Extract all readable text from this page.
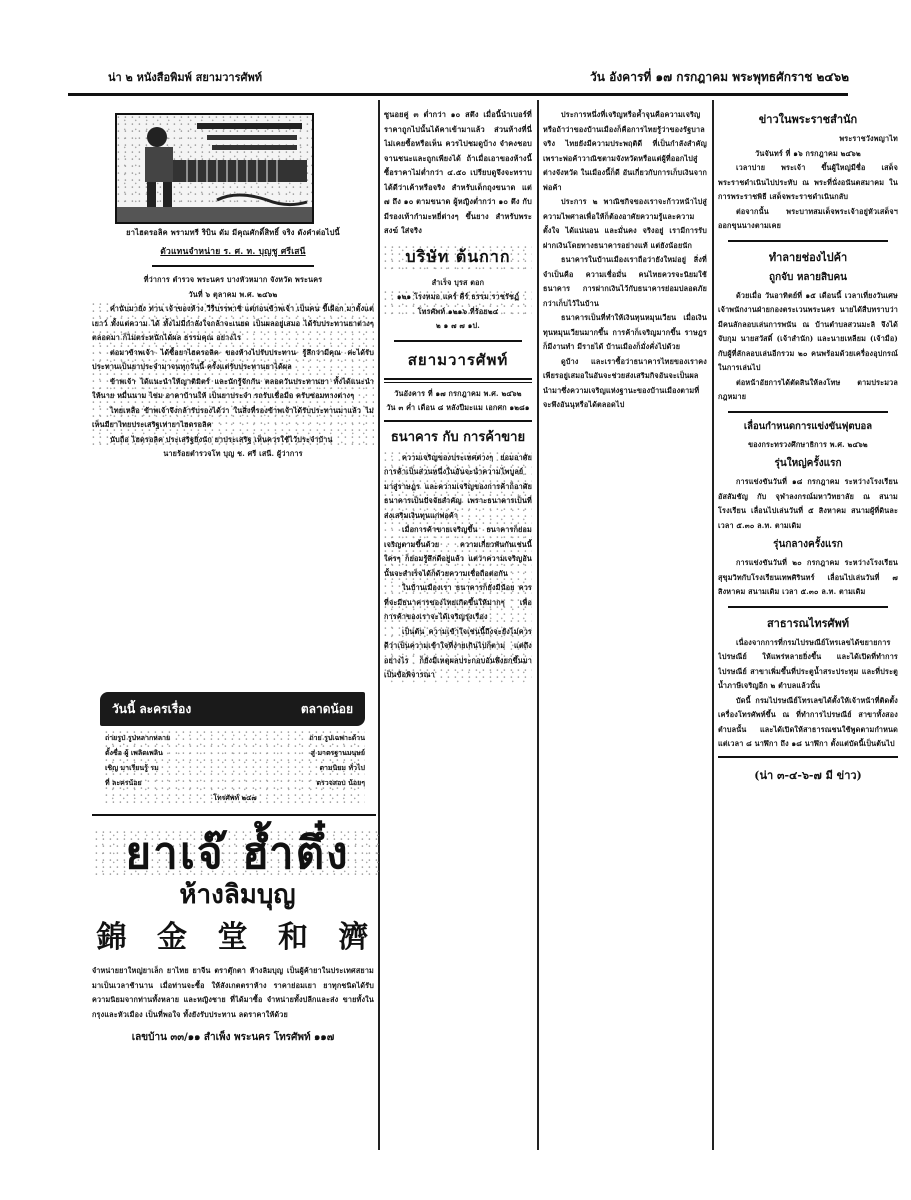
น่า ๒ หนังสือพิมพ์ สยามวารศัพท์	วัน อังคารที่ ๑๗ กรกฎาคม พระพุทธศักราช ๒๔๖๒
ยาไฮดรอลิค พรามทรี ริบิน ดัม มีคุณศักดิ์สิทธิ์ จริง ดังคำต่อไปนี้
ตัวแทนจำหน่าย ร. ศ. ท. บุญชู ศรีเสนี
ที่ว่าการ ตำรวจ พระนคร บางหัวหมาก จังหวัด พระนคร
วันที่ ๖ ตุลาคม พ.ศ. ๒๔๖๒

คำนับมายัง ท่าน เจ้าของห้าง วีรีบรรพาชิ แต่ก่อนข้าพเจ้า เป็นคน ขี้เผือก มาตั้งแต่เยาว์ ทั้งแต่ความ ได้ ทั้งไม่มีกำลังใจกล้าจะเนยด เป็นผลอยู่เสมอ ได้รับประทานยาต่างๆ ตลอดมา ก็ไม่ตระหนักได้ผล ธรรมคุณ อย่างไร

ต่อมาข้าพเจ้า ได้ซื้อยาไฮดรอลิค ของห้างไปรับประทาน รู้สึกว่ามีคุณ ค่ะได้รับประทานเป็นยาประจำมาจนทุกวันนี้ ครั้งแต่รับประทานยาได้ผล

ข้าพเจ้า ได้แนะนำให้ญาติมิตร์ และนักรู้จักกัน ตลอดวันประทานยา ทั้งได้แนะนำ ให้นาย หมื่นนาม ไข่ม อาคาบ้านให้ เป็นยาประจำ รถรับเชื่อมือ ครับซ่อมทางต่างๆ

ไทยเหลือ ข้าพเจ้าจึงกล้ารับรองได้ว่า ในสิ่งที่รองข้าพเจ้าได้รับประทานมาแล้ว ไม่เห็นมียาไทยประเสริฐเท่ายาไฮดรอลิค

นับถือ ไฮดรอลิค ประเสริฐยิ่งนัก ยาประเสริฐ เห็นควรใช้ไว้ประจำบ้าน

นายร้อยตำรวจโท บุญ ช. ศรี เสนี. ผู้ว่าการ
วันนี้ ละครเรื่อง	ตลาดน้อย
ถ่ายรูป รูปหลากหลาย	ถ่าย รูปเฉพาะด้าน
ตั้งชื่อ ผู้ เพลิดเพลิน	สู่ มาตรฐานมนุษย์
เชิญ มาเรียนรู้ รม	ตามนิยม ทั่วไป
ที่ ละครน้อย	ตรวจสอบ น้อยๆ
โทรศัพท์ ๒๔๗
ยาเจ๊ ฮ้ำตึ๋ง
ห้างลิมบุญ
錦 金 堂 和 濟
จำหน่ายยาใหญ่ยาเล็ก ยาไทย ยาจีน ตราตุ๊กตา ห้างลิมบุญ เป็นผู้ค้ายาในประเทศสยามมาเป็นเวลาช้านาน เมื่อท่านจะซื้อ ให้สังเกตตราห้าง ราคาย่อมเยา ยาทุกชนิดได้รับความนิยมจากท่านทั้งหลาย และหญิงชาย ที่ได้มาซื้อ จำหน่ายทั้งปลีกและส่ง ขายทั้งในกรุงและหัวเมือง เป็นที่พอใจ ทั้งยังรับประทาน ลดราคาให้ด้วย
เลขบ้าน ๓๓/๑๑ สำเพ็ง พระนคร โทรศัพท์ ๑๑๗
ซูนอยคู่ ๓ ต่ำกว่า ๑๐ สตึง เมื่อนี้นำเบอร์ที่ราคาถูกไปนั้นได้คาเข้ามาแล้ว ส่วนห้างที่นี่ไม่เคยซื้อหรือเห็น ควรไปชมดูบ้าง จำคงชอบจานชนะและถูกเพียงได้ ถ้าเมื่อเอาของห้างนี้ซื้อราคาไม่ต่ำกว่า ๔.๕๐ เปรียบดูจึงจะทราบได้ดีว่าเค้าหรือจริง สำหรับเด็กถุงขนาด แต่ ๗ ถึง ๑๐ ตามขนาด ผู้หญิงต่ำกว่า ๑๐ ตึง กับมีรองเท้ากำมะหยี่ต่างๆ ขึ้นยาง สำหรับพระสงฆ์ ใส่จริง
บริษัท ต้นกาก
สำเร็จ บุรส ตอก
๑๒๑ โรงหมอ แคร์ คีร์ ธรรม ราชรัชฏ์ โทรศัพท์ ๑๒๑๖ ที่ร้อย๒๔
๒ ๑ ๗ ๗ ๑ป.
สยามวารศัพท์
วันอังคาร ที่ ๑๗ กรกฎาคม พ.ศ. ๒๔๖๒
วัน ๓ ค่ำ เดือน ๘ หลังปีมะแม เอกศก ๑๒๘๑
ธนาคาร กับ การค้าขาย

ความเจริญของประเทศต่างๆ ย่อมอาศัยการค้าเป็นส่วนหนึ่งในอันจะนำความไพบูลย์มาสู่ราษฎร และความเจริญของการค้าก็อาศัยธนาคารเป็นปัจจัยสำคัญ เพราะธนาคารเป็นที่ส่งเสริมเงินทุนแก่พ่อค้า

เมื่อการค้าขายเจริญขึ้น ธนาคารก็ย่อมเจริญตามขึ้นด้วย ความเกี่ยวพันกันเช่นนี้ ใครๆ ก็ย่อมรู้สึกดีอยู่แล้ว แต่ว่าความเจริญอันนั้นจะสำเร็จได้ก็ด้วยความเชื่อถือต่อกัน

ในบ้านเมืองเรา ธนาคารก็ยังมีน้อย ควรที่จะมีธนาคารของไทยเกิดขึ้นให้มากๆ เพื่อการค้าของเราจะได้เจริญรุ่งเรือง

เป็นต้น ความเข้าใจเช่นนี้ถึงจะยังไม่ควรดีว่าเป็นความเข้าใจที่ง่ายเกินไปก็ตาม แต่ถึงอย่างไร ก็ยังมีเหตุผลประกอบอันพึงยกขึ้นมาเป็นข้อพิจารณา

ประการหนึ่งที่เจริญหรือค้ำจุนคือความเจริญหรือถ้าว่าของบ้านเมืองก็คือการไทยรู้ว่าของรัฐบาลจริง ไทยยังมีความประพฤติดี ที่เป็นกำลังสำคัญ เพราะพ่อค้าวาณิชตามจังหวัดหรือแต่ผู้ที่ออกไปสู่ต่างจังหวัด ในเมืองนี้ก็ดี อันเกี่ยวกับการเก็บเงินจากพ่อค้า

ประการ ๒ พาณิชกิจของเราจะก้าวหน้าไปสู่ความไพศาลเพื่อให้ก็ต้องอาศัยความรู้และความตั้งใจ ได้แน่นอน และมั่นคง จริงอยู่ เรามีการรับฝากเงินโดยทางธนาคารอย่างแท้ แต่ยังน้อยนัก

ธนาคารในบ้านเมืองเราถือว่ายังใหม่อยู่ สิ่งที่จำเป็นคือ ความเชื่อมั่น คนไทยควรจะนิยมใช้ธนาคาร การฝากเงินไว้กับธนาคารย่อมปลอดภัยกว่าเก็บไว้ในบ้าน

ธนาคารเป็นที่ทำให้เงินทุนหมุนเวียน เมื่อเงินทุนหมุนเวียนมากขึ้น การค้าก็เจริญมากขึ้น ราษฎรก็มีงานทำ มีรายได้ บ้านเมืองก็มั่งคั่งไปด้วย

ดูบ้าง และเราซื้อว่าธนาคารไทยของเราคงเพียรอยู่เสมอในอันจะช่วยส่งเสริมกิจอันจะเป็นผลนำมาซึ่งความเจริญแห่งฐานะของบ้านเมืองตามที่จะพึงอันนุหรือได้ตลอดไป

ข่าวในพระราชสำนัก
พระราชวังพญาไท
วันจันทร์ ที่ ๑๖ กรกฎาคม ๒๔๖๒

เวลาบ่าย พระเจ้า ขึ้นผู้ใหญ่มีชื่อ เสด็จพระราชดำเนินไปประทับ ณ พระที่นั่งอนันตสมาคม ในการพระราชพิธี เสด็จพระราชดำเนินกลับ

ต่อจากนั้น พระบาทสมเด็จพระเจ้าอยู่หัวเสด็จฯ ออกขุนนางตามเคย

ทำลายช่องไปค้า
ถูกจับ หลายสิบคน

ด้วยเมื่อ วันอาทิตย์ที่ ๑๕ เดือนนี้ เวลาเที่ยงวันเศษ เจ้าพนักงานฝ่ายกองตระเวนพระนคร นายได้สืบทราบว่ามีคนลักลอบเล่นการพนัน ณ บ้านตำบลสวนมะลิ จึงได้จับกุม นายสวัสดิ์ (เจ้าสำนัก) และนายเหลียม (เจ้ามือ) กับผู้ที่ลักลอบเล่นอีกรวม ๒๐ คนพร้อมด้วยเครื่องอุปกรณ์ในการเล่นไป

ต่อหน้าอัยการได้ตัดสินให้ลงโทษ ตามประมวลกฎหมาย

เลื่อนกำหนดการแข่งขันฟุตบอล
ของกระทรวงศึกษาธิการ พ.ศ. ๒๔๖๒
รุ่นใหญ่ครั้งแรก

การแข่งขันวันที่ ๑๘ กรกฎาคม ระหว่างโรงเรียน อัสสัมชัญ กับ จุฬาลงกรณ์มหาวิทยาลัย ณ สนามโรงเรียน เลื่อนไปเล่นวันที่ ๕ สิงหาคม สนามผู้ที่ดินละ เวลา ๕.๓๐ ล.ท. ตามเดิม

รุ่นกลางครั้งแรก

การแข่งขันวันที่ ๒๐ กรกฎาคม ระหว่างโรงเรียนสุขุมวิทกับโรงเรียนเทพศิรินทร์ เลื่อนไปเล่นวันที่ ๗ สิงหาคม สนามเดิม เวลา ๕.๓๐ ล.ท. ตามเดิม

สาธารณไทรศัพท์

เนื่องจากการที่กรมไปรษณีย์โทรเลขได้ขยายการไปรษณีย์ ให้แพร่หลายยิ่งขึ้น และได้เปิดที่ทำการไปรษณีย์ สาขาเพิ่มขึ้นที่ประตูน้ำสระประทุม และที่ประตูน้ำภาษีเจริญอีก ๒ ตำบลแล้วนั้น

บัดนี้ กรมไปรษณีย์โทรเลขได้ตั้งให้เจ้าหน้าที่ติดตั้งเครื่องโทรศัพท์ขึ้น ณ ที่ทำการไปรษณีย์ สาขาทั้งสองตำบลนั้น และได้เปิดให้สาธารณชนใช้พูดตามกำหนด แต่เวลา ๘ นาฬิกา ถึง ๑๘ นาฬิกา ตั้งแต่บัดนี้เป็นต้นไป

(น่า ๓-๔-๖-๗ มี ข่าว)
